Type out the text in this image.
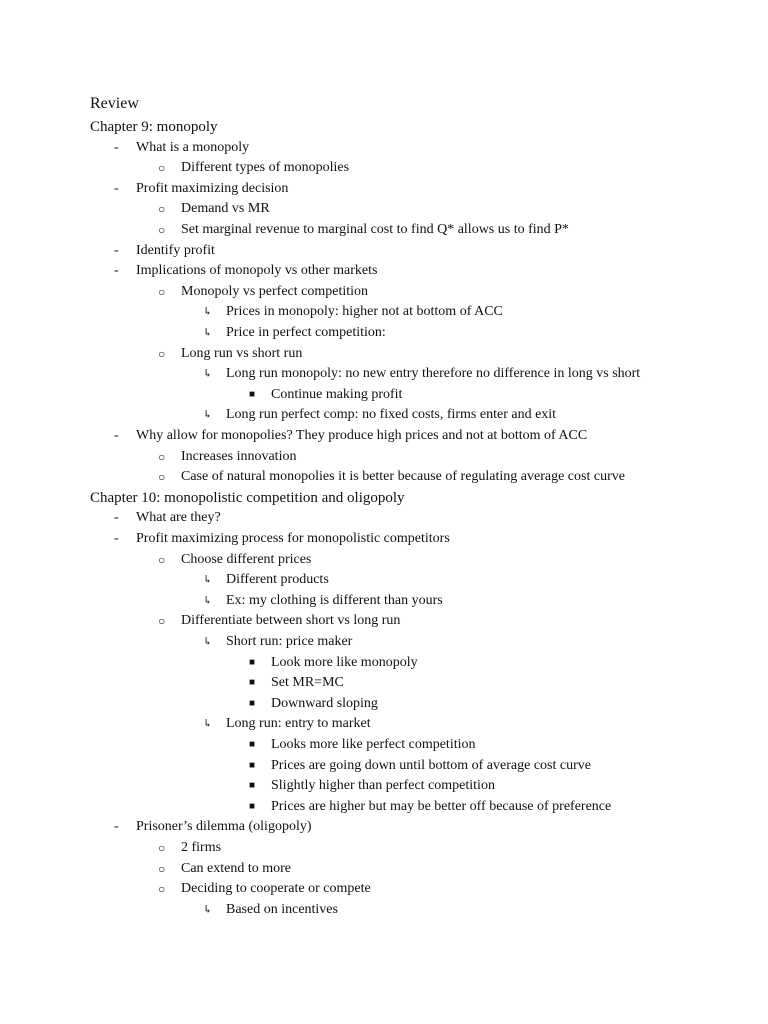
Review
Chapter 9: monopoly
- What is a monopoly
○ Different types of monopolies
- Profit maximizing decision
○ Demand vs MR
○ Set marginal revenue to marginal cost to find Q* allows us to find P*
- Identify profit
- Implications of monopoly vs other markets
○ Monopoly vs perfect competition
↳ Prices in monopoly: higher not at bottom of ACC
↳ Price in perfect competition:
○ Long run vs short run
↳ Long run monopoly: no new entry therefore no difference in long vs short
■ Continue making profit
↳ Long run perfect comp: no fixed costs, firms enter and exit
- Why allow for monopolies? They produce high prices and not at bottom of ACC
○ Increases innovation
○ Case of natural monopolies it is better because of regulating average cost curve
Chapter 10: monopolistic competition and oligopoly
- What are they?
- Profit maximizing process for monopolistic competitors
○ Choose different prices
↳ Different products
↳ Ex: my clothing is different than yours
○ Differentiate between short vs long run
↳ Short run: price maker
■ Look more like monopoly
■ Set MR=MC
■ Downward sloping
↳ Long run: entry to market
■ Looks more like perfect competition
■ Prices are going down until bottom of average cost curve
■ Slightly higher than perfect competition
■ Prices are higher but may be better off because of preference
- Prisoner’s dilemma (oligopoly)
○ 2 firms
○ Can extend to more
○ Deciding to cooperate or compete
↳ Based on incentives
